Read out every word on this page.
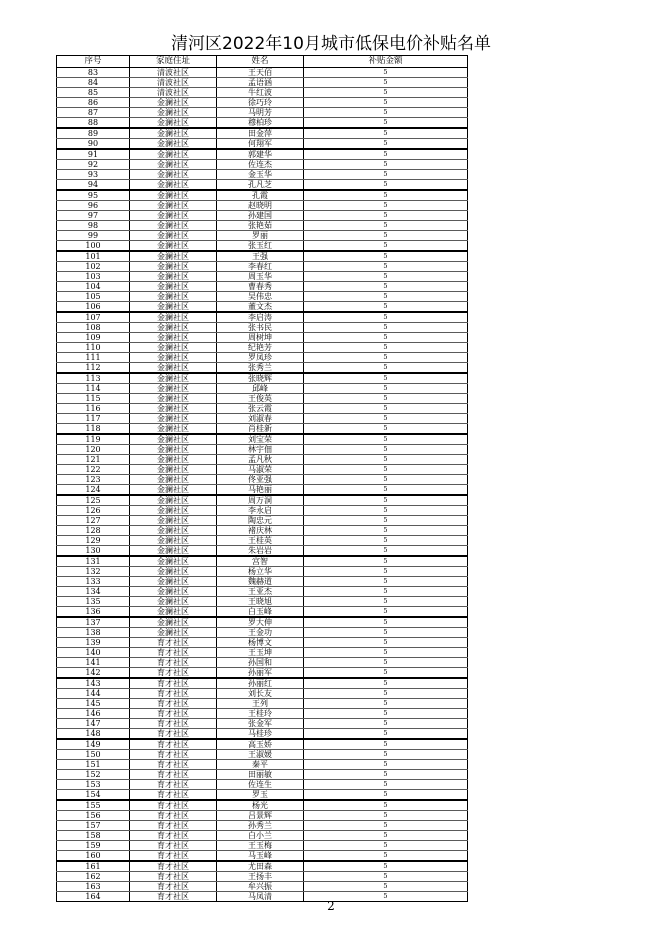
清河区2022年10月城市低保电价补贴名单
序号	家庭住址	姓名	补贴金额
83	清波社区	王天佰	5
84	清波社区	孟语涵	5
85	清波社区	牛红波	5
86	金澜社区	徐巧玲	5
87	金澜社区	马明芳	5
88	金澜社区	穆柏珍	5
89	金澜社区	田金萍	5
90	金澜社区	何翔军	5
91	金澜社区	郭建华	5
92	金澜社区	佐连杰	5
93	金澜社区	金玉华	5
94	金澜社区	孔凡芝	5
95	金澜社区	孔霞	5
96	金澜社区	赵晓明	5
97	金澜社区	孙建国	5
98	金澜社区	张艳茹	5
99	金澜社区	罗丽	5
100	金澜社区	张玉红	5
101	金澜社区	王强	5
102	金澜社区	李春红	5
103	金澜社区	周玉华	5
104	金澜社区	曹春秀	5
105	金澜社区	吴伟忠	5
106	金澜社区	董文杰	5
107	金澜社区	李启涛	5
108	金澜社区	张书民	5
109	金澜社区	周树坤	5
110	金澜社区	纪艳芳	5
111	金澜社区	罗凤珍	5
112	金澜社区	张秀兰	5
113	金澜社区	张晓辉	5
114	金澜社区	邱峰	5
115	金澜社区	王俊英	5
116	金澜社区	张云霞	5
117	金澜社区	刘淑春	5
118	金澜社区	肖桂新	5
119	金澜社区	刘宝荣	5
120	金澜社区	林宇佃	5
121	金澜社区	孟凡秋	5
122	金澜社区	马淑荣	5
123	金澜社区	佟亚强	5
124	金澜社区	马艳丽	5
125	金澜社区	周万洞	5
126	金澜社区	李永启	5
127	金澜社区	陶忠元	5
128	金澜社区	褚庆林	5
129	金澜社区	王桂英	5
130	金澜社区	朱岩岩	5
131	金澜社区	宫智	5
132	金澜社区	杨立华	5
133	金澜社区	魏赫道	5
134	金澜社区	王亚杰	5
135	金澜社区	王晓旭	5
136	金澜社区	白玉峰	5
137	金澜社区	罗大伸	5
138	金澜社区	王金功	5
139	育才社区	杨博文	5
140	育才社区	王玉坤	5
141	育才社区	孙国和	5
142	育才社区	孙丽军	5
143	育才社区	孙丽红	5
144	育才社区	刘长友	5
145	育才社区	王列	5
146	育才社区	王桂玲	5
147	育才社区	张金军	5
148	育才社区	马桂珍	5
149	育才社区	高玉娇	5
150	育才社区	王淑媛	5
151	育才社区	秦平	5
152	育才社区	田丽敏	5
153	育才社区	佐连生	5
154	育才社区	罗玉	5
155	育才社区	杨光	5
156	育才社区	吕景辉	5
157	育才社区	孙秀兰	5
158	育才社区	白小兰	5
159	育才社区	王玉梅	5
160	育才社区	马玉峰	5
161	育才社区	尤田森	5
162	育才社区	王扬丰	5
163	育才社区	牟兴振	5
164	育才社区	马凤清	5
2
